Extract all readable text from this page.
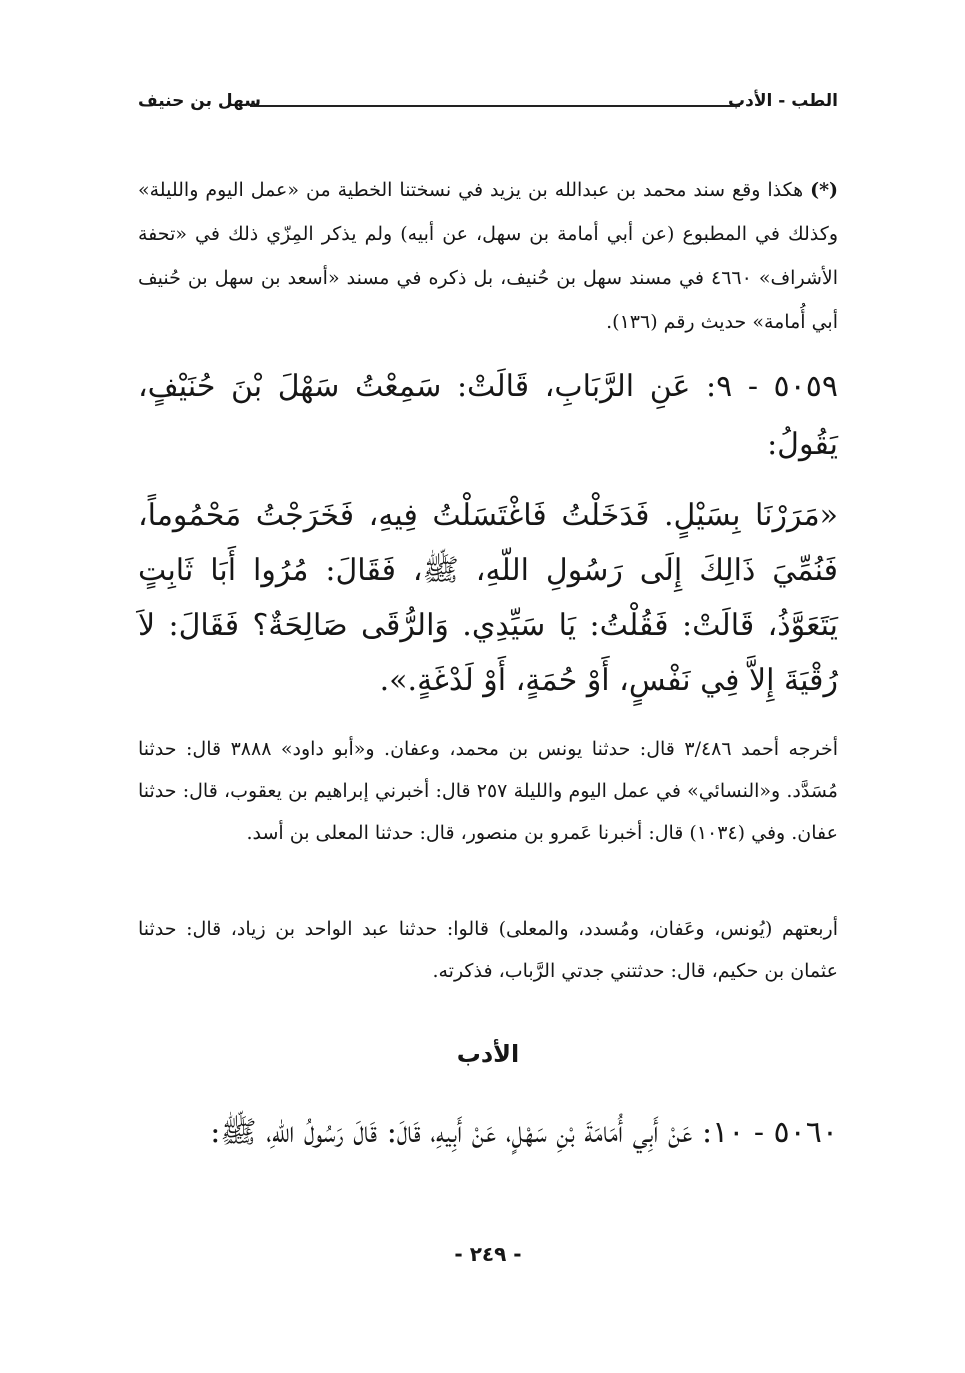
الطب - الأدب
سهل بن حنيف
(*) هكذا وقع سند محمد بن عبدالله بن يزيد في نسختنا الخطية من «عمل اليوم والليلة» وكذلك في المطبوع (عن أبي أمامة بن سهل، عن أبيه) ولم يذكر المِزّي ذلك في «تحفة الأشراف» ٤٦٦٠ في مسند سهل بن حُنيف، بل ذكره في مسند «أسعد بن سهل بن حُنيف أبي أُمامة» حديث رقم (١٣٦).
٥٠٥٩ - ٩: عَنِ الرَّبَابِ، قَالَتْ: سَمِعْتُ سَهْلَ بْنَ حُنَيْفٍ، يَقُولُ:
«مَرَرْنَا بِسَيْلٍ. فَدَخَلْتُ فَاغْتَسَلْتُ فِيهِ، فَخَرَجْتُ مَحْمُوماً، فَنُمِّيَ ذَالِكَ إِلَى رَسُولِ اللّهِ، ﷺ، فَقَالَ: مُرُوا أَبَا ثَابِتٍ يَتَعَوَّذُ، قَالَتْ: فَقُلْتُ: يَا سَيِّدِي. وَالرُّقَى صَالِحَةٌ؟ فَقَالَ: لاَ رُقْيَةَ إِلاَّ فِي نَفْسٍ، أَوْ حُمَةٍ، أَوْ لَدْغَةٍ.».
أخرجه أحمد ٣/٤٨٦ قال: حدثنا يونس بن محمد، وعفان. و«أبو داود» ٣٨٨٨ قال: حدثنا مُسَدَّد. و«النسائي» في عمل اليوم والليلة ٢٥٧ قال: أخبرني إبراهيم بن يعقوب، قال: حدثنا عفان. وفي (١٠٣٤) قال: أخبرنا عَمرو بن منصور، قال: حدثنا المعلى بن أسد.
أربعتهم (يُونس، وعَفان، ومُسدد، والمعلى) قالوا: حدثنا عبد الواحد بن زياد، قال: حدثنا عثمان بن حكيم، قال: حدثتني جدتي الرَّباب، فذكرته.
الأدب
٥٠٦٠ - ١٠: عَنْ أَبِي أُمَامَةَ بْنِ سَهْلٍ، عَنْ أَبِيهِ، قَالَ: قَالَ رَسُولُ اللّهِ، ﷺ:
- ٢٤٩ -
